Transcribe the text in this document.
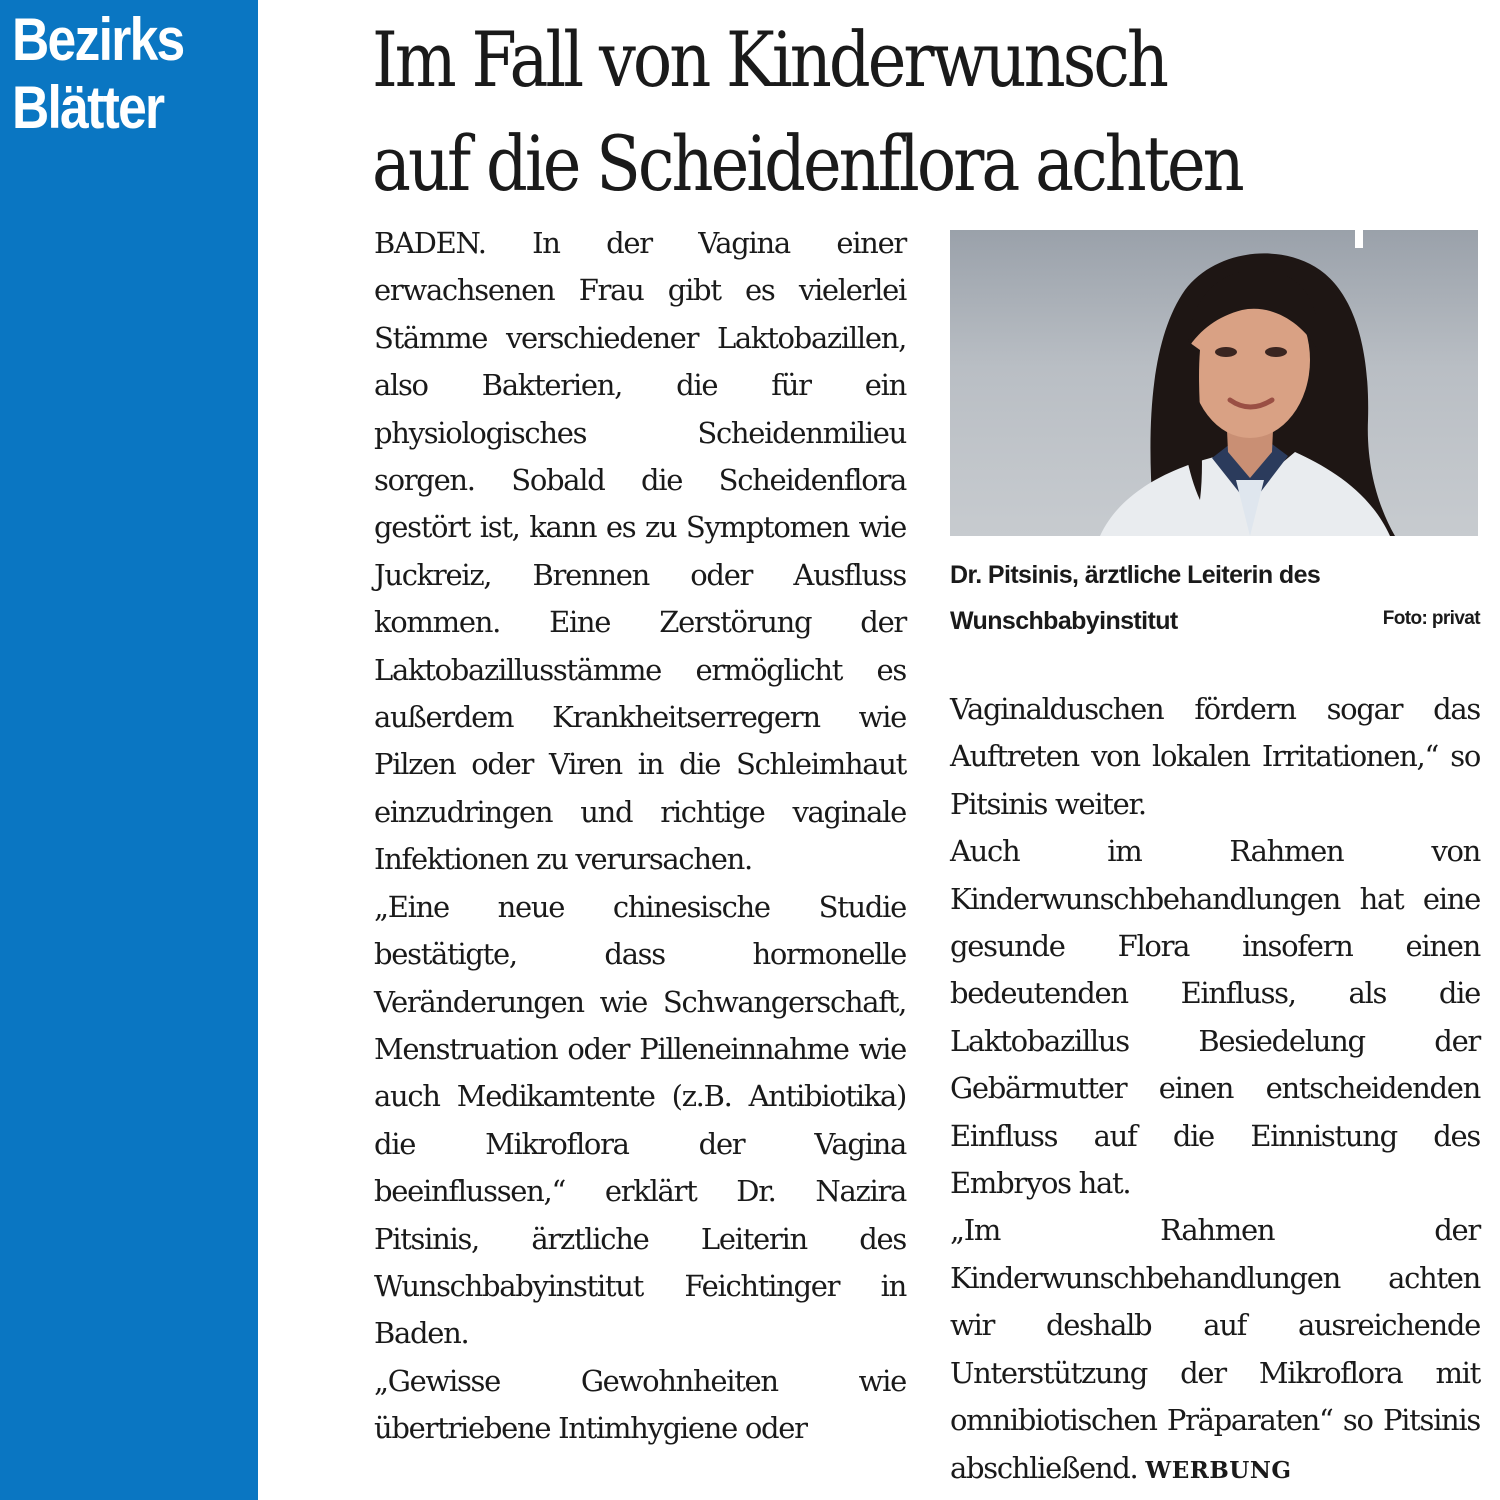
Bezirks
Blätter
Im Fall von Kinderwunsch
auf die Scheidenflora achten

BADEN. In der Vagina einer erwachsenen Frau gibt es vielerlei Stämme verschiedener Laktobazillen, also Bakterien, die für ein physiologisches Scheidenmilieu sorgen. Sobald die Scheidenflora gestört ist, kann es zu Symptomen wie Juckreiz, Brennen oder Ausfluss kommen. Eine Zerstörung der Laktobazillusstämme ermöglicht es außerdem Krankheitserregern wie Pilzen oder Viren in die Schleimhaut einzudringen und richtige vaginale Infektionen zu verursachen.

„Eine neue chinesische Studie bestätigte, dass hormonelle Veränderungen wie Schwangerschaft, Menstruation oder Pilleneinnahme wie auch Medikamtente (z.B. Antibiotika) die Mikroflora der Vagina beeinflussen,“ erklärt Dr. Nazira Pitsinis, ärztliche Leiterin des Wunschbabyinstitut Feichtinger in Baden.

„Gewisse Gewohnheiten wie übertriebene Intimhygiene oder

Dr. Pitsinis, ärztliche Leiterin des Wunschbabyinstitut	Foto: privat

Vaginalduschen fördern sogar das Auftreten von lokalen Irritationen,“ so Pitsinis weiter.

Auch im Rahmen von Kinderwunschbehandlungen hat eine gesunde Flora insofern einen bedeutenden Einfluss, als die Laktobazillus Besiedelung der Gebärmutter einen entscheidenden Einfluss auf die Einnistung des Embryos hat.

„Im Rahmen der Kinderwunschbehandlungen achten wir deshalb auf ausreichende Unterstützung der Mikroflora mit omnibiotischen Präparaten“ so Pitsinis abschließend. WERBUNG
